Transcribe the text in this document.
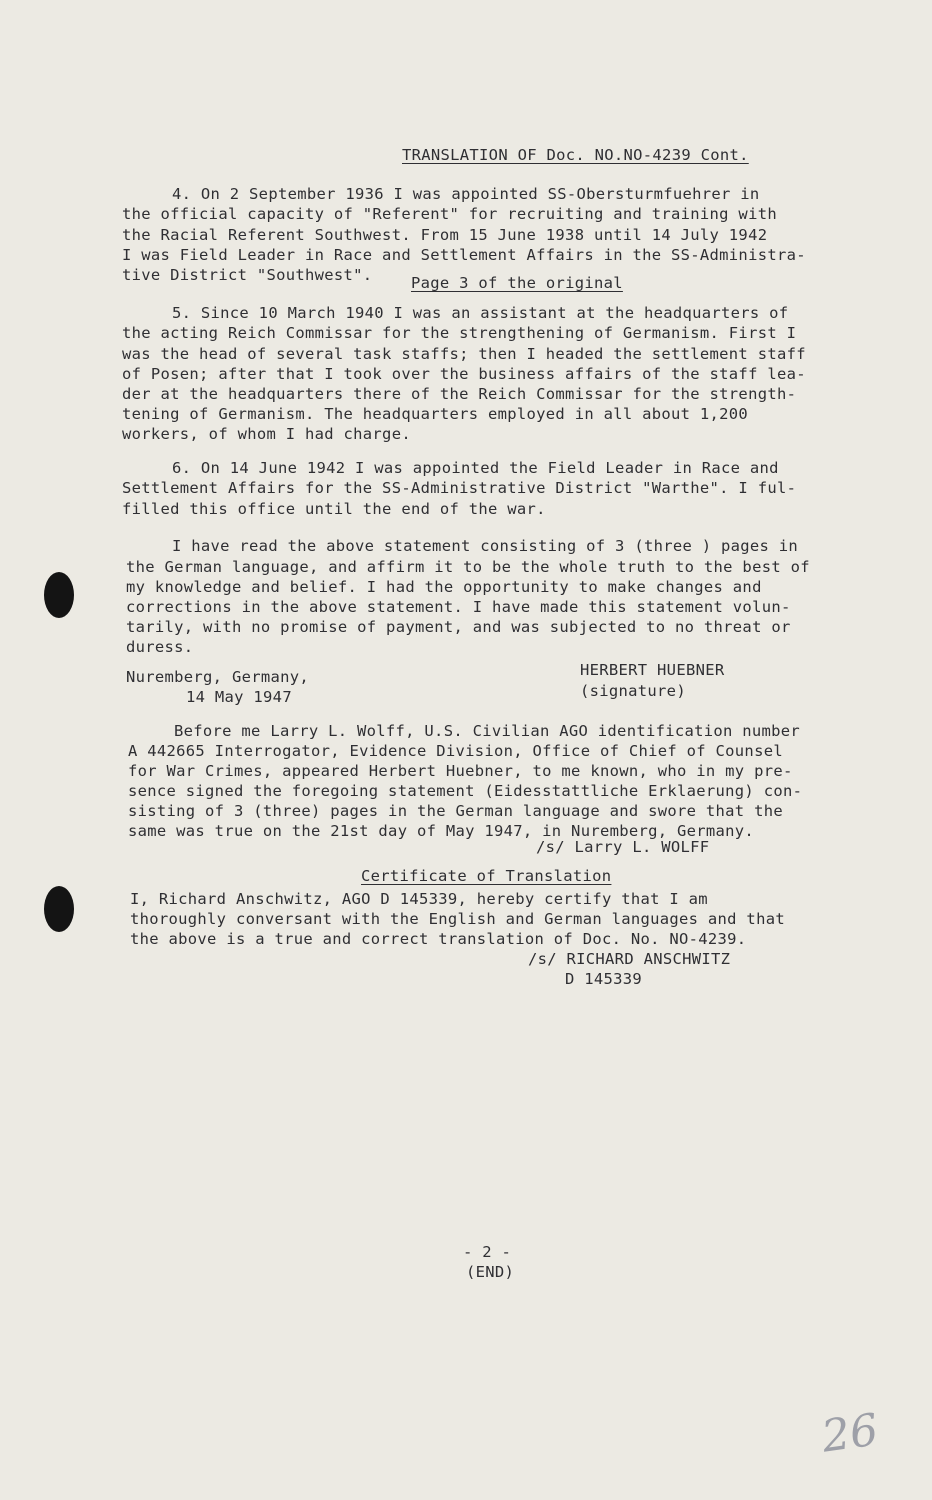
TRANSLATION OF Doc. NO.NO-4239 Cont.
4. On 2 September 1936 I was appointed SS-Obersturmfuehrer in
the official capacity of "Referent" for recruiting and training with
the Racial Referent Southwest. From 15 June 1938 until 14 July 1942
I was Field Leader in Race and Settlement Affairs in the SS-Administra-
tive District "Southwest". Page 3 of the original
5. Since 10 March 1940 I was an assistant at the headquarters of
the acting Reich Commissar for the strengthening of Germanism. First I
was the head of several task staffs; then I headed the settlement staff
of Posen; after that I took over the business affairs of the staff lea-
der at the headquarters there of the Reich Commissar for the strength-
tening of Germanism. The headquarters employed in all about 1,200
workers, of whom I had charge.
6. On 14 June 1942 I was appointed the Field Leader in Race and
Settlement Affairs for the SS-Administrative District "Warthe". I ful-
filled this office until the end of the war.
I have read the above statement consisting of 3 (three ) pages in
the German language, and affirm it to be the whole truth to the best of
my knowledge and belief. I had the opportunity to make changes and
corrections in the above statement. I have made this statement volun-
tarily, with no promise of payment, and was subjected to no threat or
duress.
Nuremberg, Germany,
14 May 1947
HERBERT HUEBNER
(signature)
Before me Larry L. Wolff, U.S. Civilian AGO identification number
A 442665 Interrogator, Evidence Division, Office of Chief of Counsel
for War Crimes, appeared Herbert Huebner, to me known, who in my pre-
sence signed the foregoing statement (Eidesstattliche Erklaerung) con-
sisting of 3 (three) pages in the German language and swore that the
same was true on the 21st day of May 1947, in Nuremberg, Germany.
/s/ Larry L. WOLFF
Certificate of Translation
I, Richard Anschwitz, AGO D 145339, hereby certify that I am
thoroughly conversant with the English and German languages and that
the above is a true and correct translation of Doc. No. NO-4239.
/s/ RICHARD ANSCHWITZ
D 145339
- 2 -
(END)
26
